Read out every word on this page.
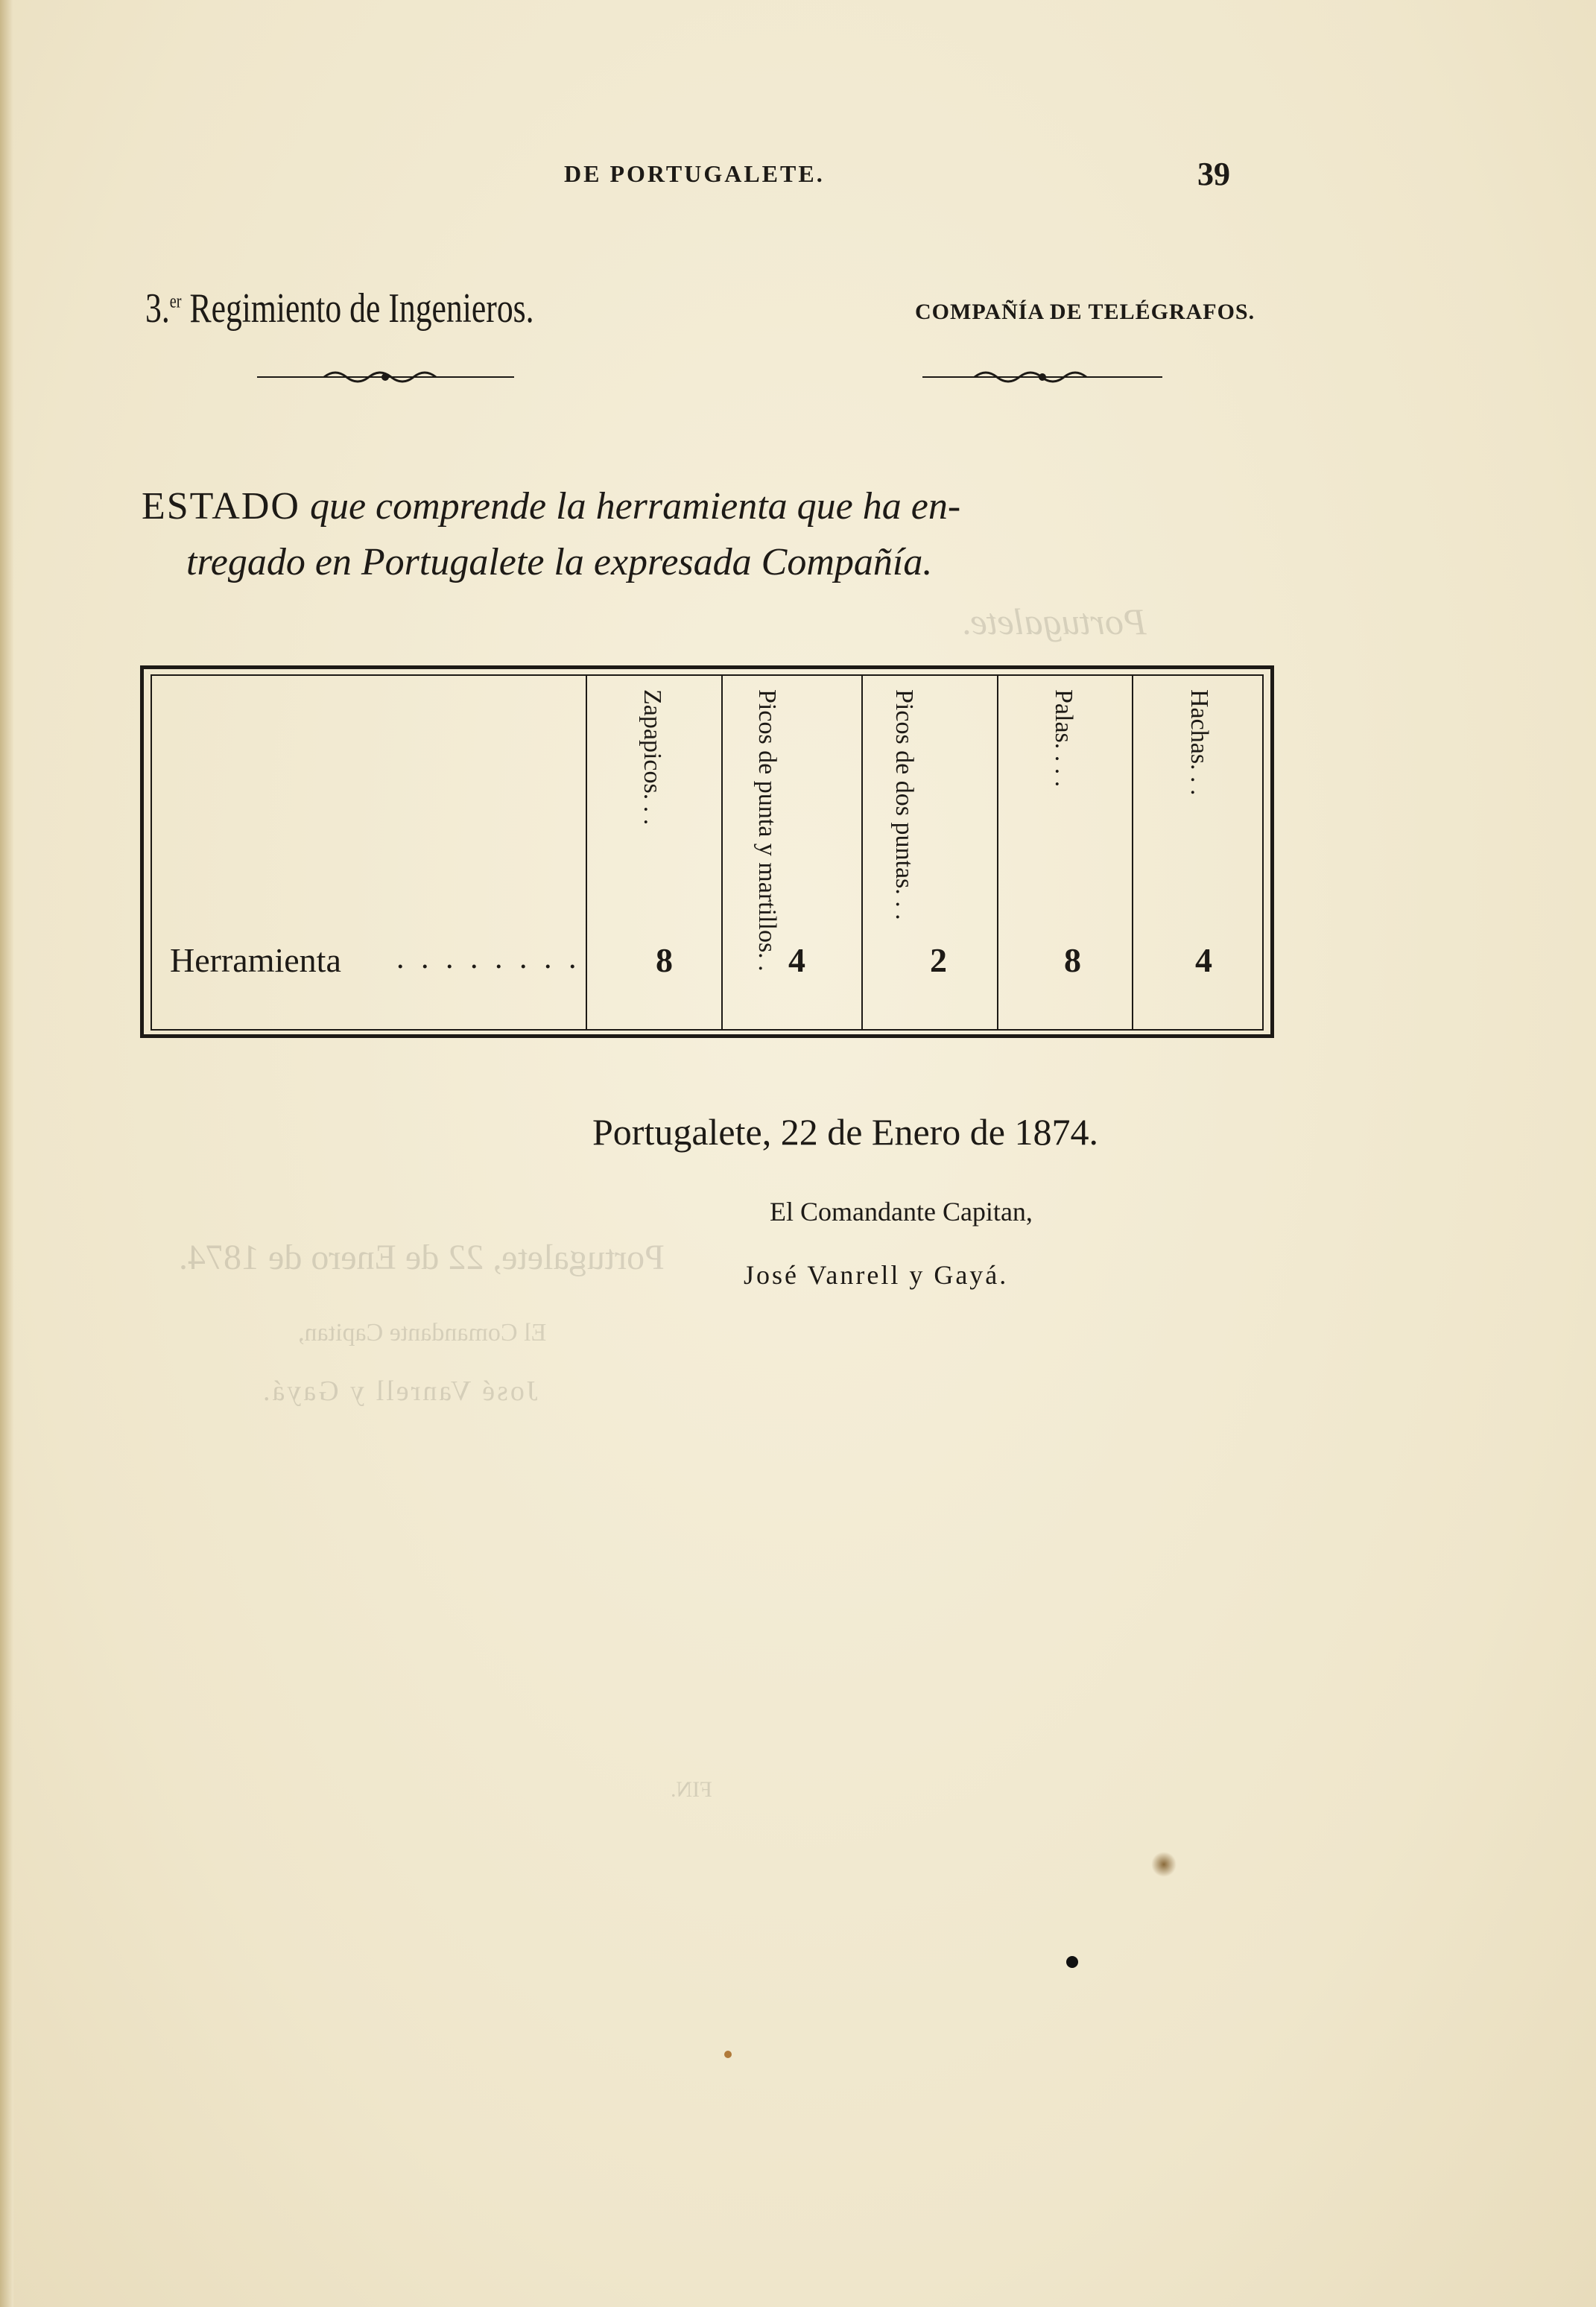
Portugalete, 22 de Enero de 1874.
El Comandante Capitan,
José Vanrell y Gayá.
Portugalete.
FIN.
DE PORTUGALETE.	39
3.$^{er}$ Regimiento de Ingenieros.	COMPAÑÍA DE TELÉGRAFOS.
ESTADO que comprende la herramienta que ha en-
tregado en Portugalete la expresada Compañía.
Zapapicos. . .	Picos de punta y martillos. .	Picos de dos puntas. . .	Palas. . . .	Hachas. . .
Herramienta . . . . . . . . 8	4	2	8	4
Portugalete, 22 de Enero de 1874.
El Comandante Capitan,
José Vanrell y Gayá.
